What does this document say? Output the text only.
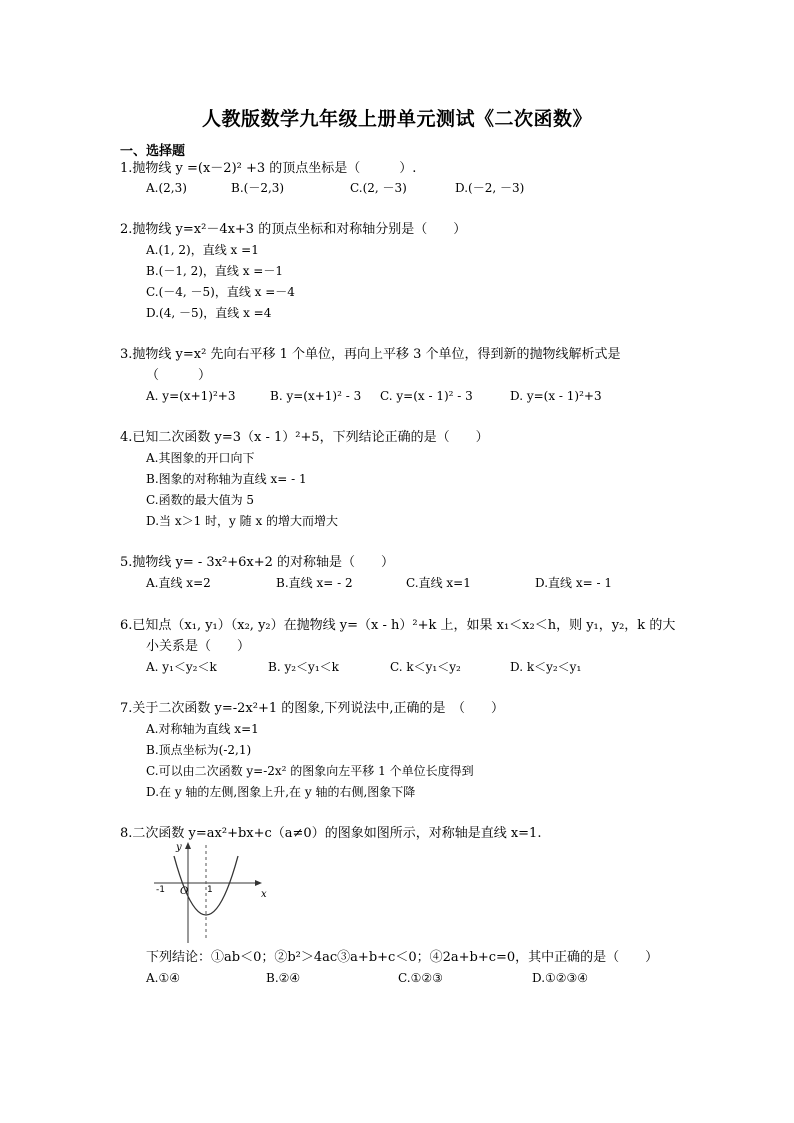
人教版数学九年级上册单元测试《二次函数》
一、选择题
1.抛物线 y =(x－2)² +3 的顶点坐标是（　　　）.
A.(2,3)	B.(－2,3)	C.(2, －3)	D.(－2, －3)
2.抛物线 y=x²－4x+3 的顶点坐标和对称轴分别是（　　）
A.(1, 2)，直线 x =1
B.(－1, 2)，直线 x =－1
C.(－4, －5)，直线 x =－4
D.(4, －5)，直线 x =4
3.抛物线 y=x² 先向右平移 1 个单位，再向上平移 3 个单位，得到新的抛物线解析式是
（　　　）
A. y=(x+1)²+3	B. y=(x+1)² - 3 C. y=(x - 1)² - 3	D. y=(x - 1)²+3
4.已知二次函数 y=3（x - 1）²+5，下列结论正确的是（　　）
A.其图象的开口向下
B.图象的对称轴为直线 x= - 1
C.函数的最大值为 5
D.当 x＞1 时，y 随 x 的增大而增大
5.抛物线 y= - 3x²+6x+2 的对称轴是（　　）
A.直线 x=2	B.直线 x= - 2	C.直线 x=1	D.直线 x= - 1
6.已知点（x₁, y₁）（x₂, y₂）在抛物线 y=（x - h）²+k 上，如果 x₁＜x₂＜h，则 y₁，y₂，k 的大
小关系是（　　）
A. y₁＜y₂＜k	B. y₂＜y₁＜k	C. k＜y₁＜y₂	D. k＜y₂＜y₁
7.关于二次函数 y=-2x²+1 的图象,下列说法中,正确的是　（　　）
A.对称轴为直线 x=1
B.顶点坐标为(-2,1)
C.可以由二次函数 y=-2x² 的图象向左平移 1 个单位长度得到
D.在 y 轴的左侧,图象上升,在 y 轴的右侧,图象下降
8.二次函数 y=ax²+bx+c（a≠0）的图象如图所示，对称轴是直线 x=1.
y
x
O
-1	1
下列结论：①ab＜0；②b²＞4ac③a+b+c＜0；④2a+b+c=0，其中正确的是（　　）
A.①④	B.②④	C.①②③	D.①②③④
